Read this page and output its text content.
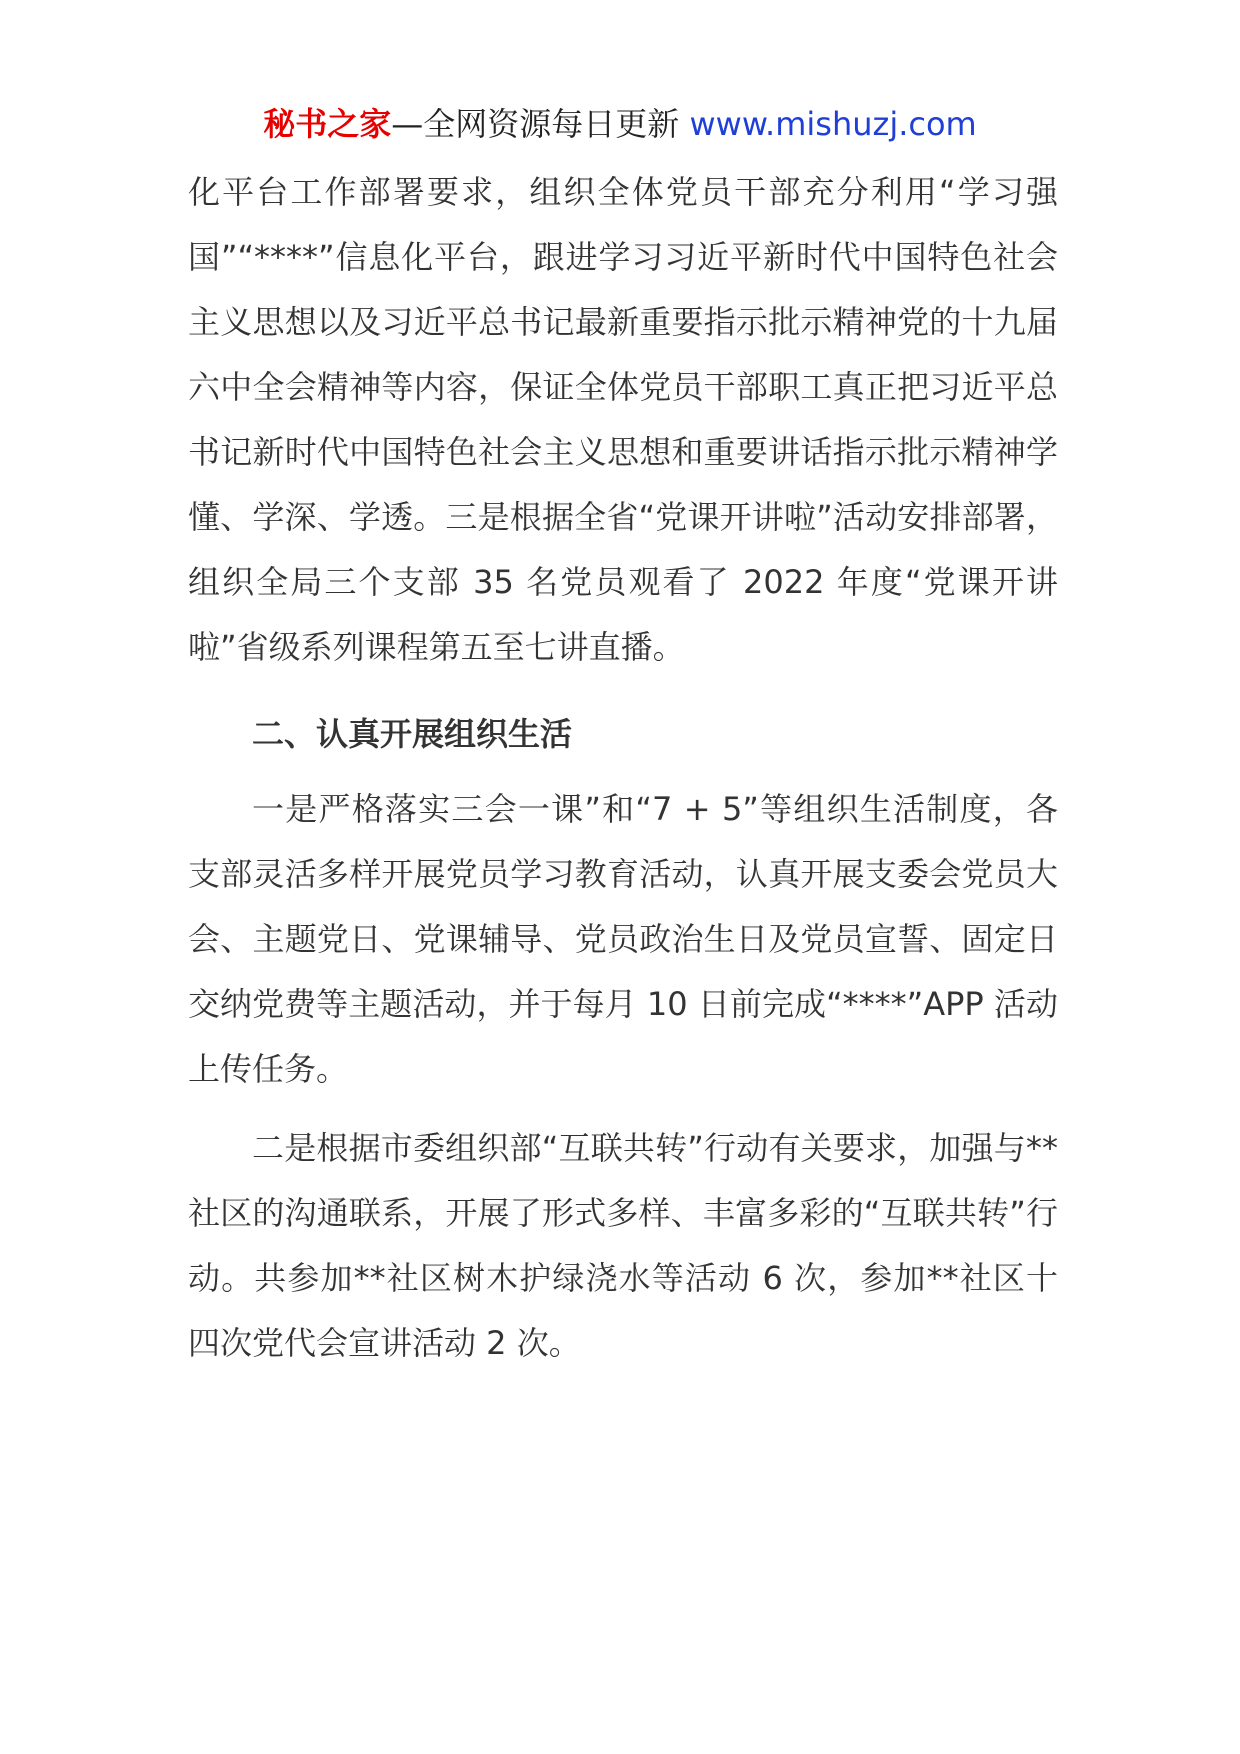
秘书之家—全网资源每日更新 www.mishuzj.com

化平台工作部署要求，组织全体党员干部充分利用“学习强国”“****”信息化平台，跟进学习习近平新时代中国特色社会主义思想以及习近平总书记最新重要指示批示精神党的十九届六中全会精神等内容，保证全体党员干部职工真正把习近平总书记新时代中国特色社会主义思想和重要讲话指示批示精神学懂、学深、学透。三是根据全省“党课开讲啦”活动安排部署，组织全局三个支部 35 名党员观看了 2022 年度“党课开讲啦”省级系列课程第五至七讲直播。

二、认真开展组织生活

一是严格落实三会一课”和“7 + 5”等组织生活制度，各支部灵活多样开展党员学习教育活动，认真开展支委会党员大会、主题党日、党课辅导、党员政治生日及党员宣誓、固定日交纳党费等主题活动，并于每月 10 日前完成“****”APP 活动上传任务。

二是根据市委组织部“互联共转”行动有关要求，加强与**社区的沟通联系，开展了形式多样、丰富多彩的“互联共转”行动。共参加**社区树木护绿浇水等活动 6 次，参加**社区十四次党代会宣讲活动 2 次。
